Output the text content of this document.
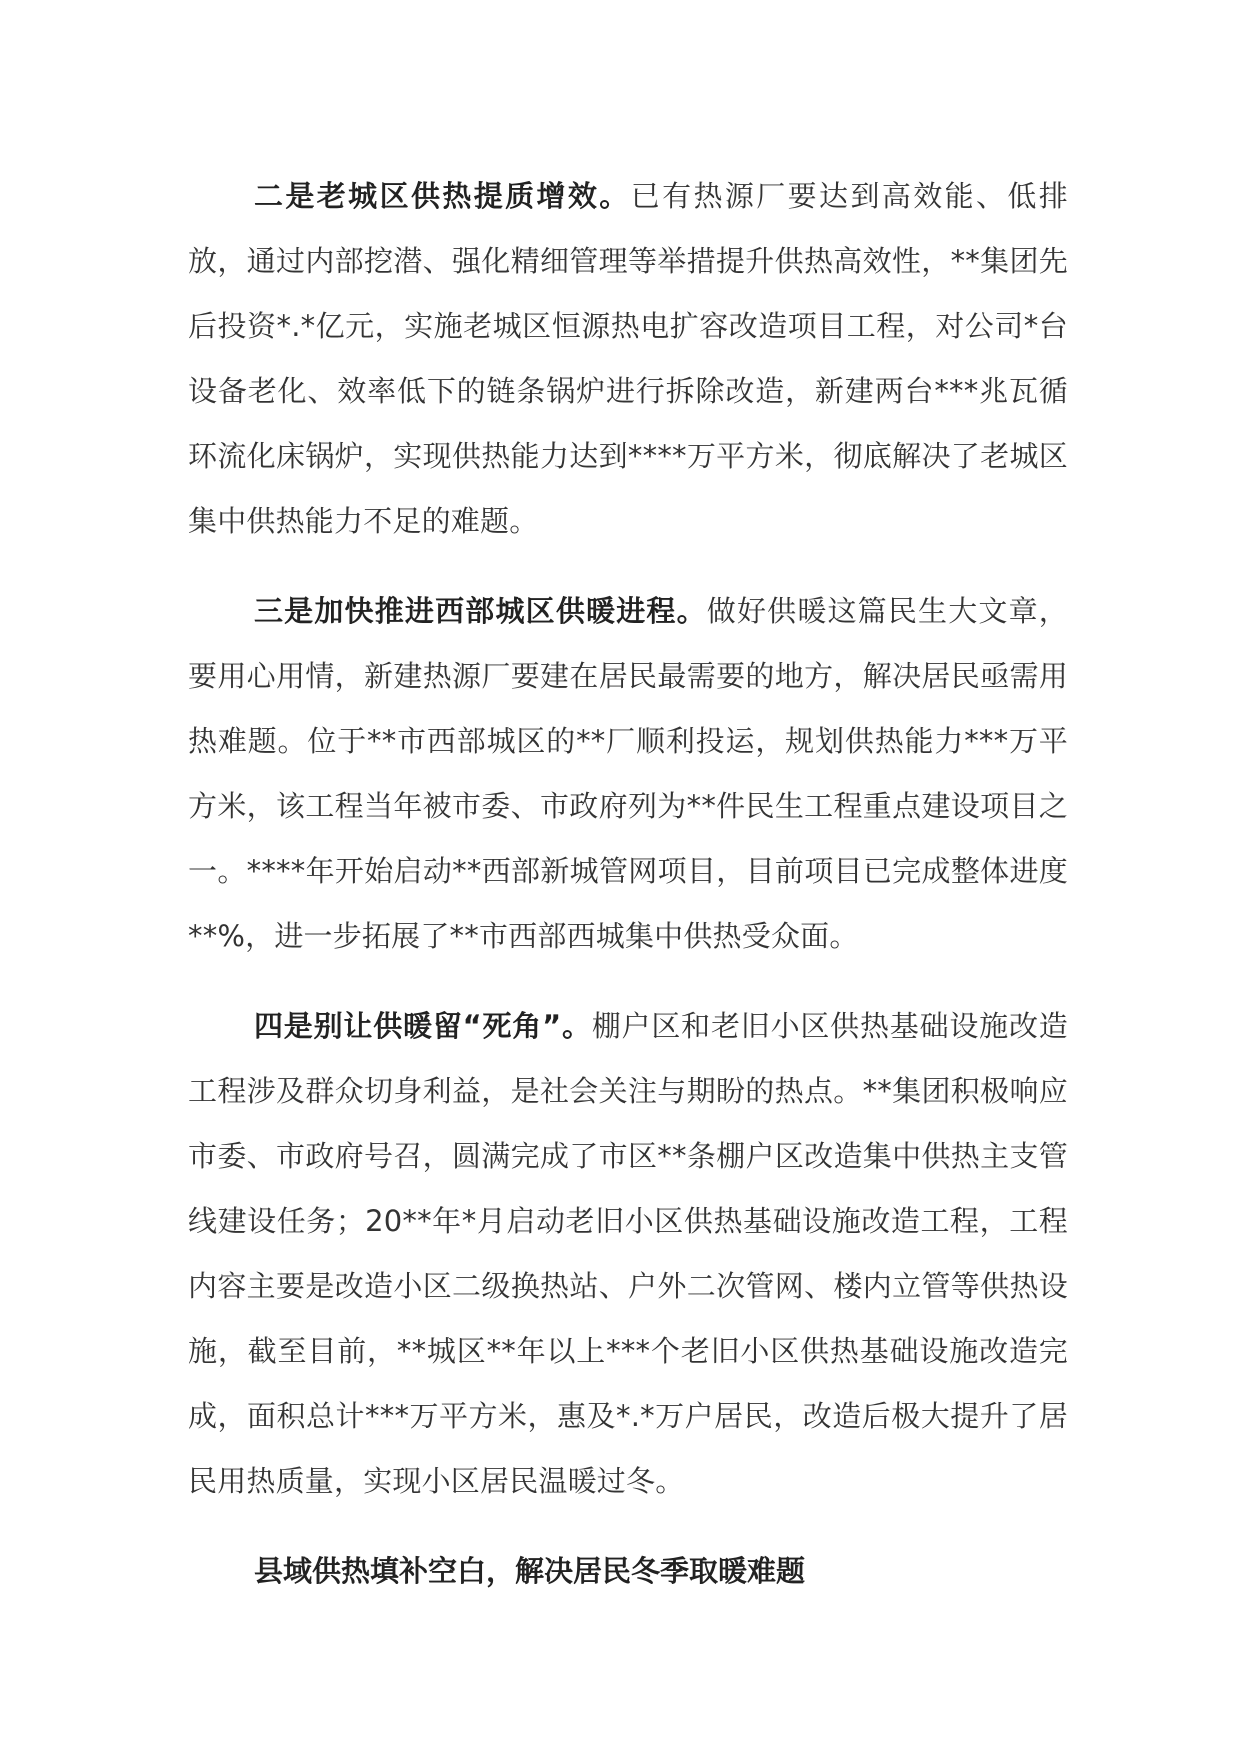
二是老城区供热提质增效。已有热源厂要达到高效能、低排放，通过内部挖潜、强化精细管理等举措提升供热高效性，**集团先后投资*.*亿元，实施老城区恒源热电扩容改造项目工程，对公司*台设备老化、效率低下的链条锅炉进行拆除改造，新建两台***兆瓦循环流化床锅炉，实现供热能力达到****万平方米，彻底解决了老城区集中供热能力不足的难题。

三是加快推进西部城区供暖进程。做好供暖这篇民生大文章，要用心用情，新建热源厂要建在居民最需要的地方，解决居民亟需用热难题。位于**市西部城区的**厂顺利投运，规划供热能力***万平方米，该工程当年被市委、市政府列为**件民生工程重点建设项目之一。****年开始启动**西部新城管网项目，目前项目已完成整体进度**%，进一步拓展了**市西部西城集中供热受众面。

四是别让供暖留“死角”。棚户区和老旧小区供热基础设施改造工程涉及群众切身利益，是社会关注与期盼的热点。**集团积极响应市委、市政府号召，圆满完成了市区**条棚户区改造集中供热主支管线建设任务；20**年*月启动老旧小区供热基础设施改造工程，工程内容主要是改造小区二级换热站、户外二次管网、楼内立管等供热设施，截至目前，**城区**年以上***个老旧小区供热基础设施改造完成，面积总计***万平方米，惠及*.*万户居民，改造后极大提升了居民用热质量，实现小区居民温暖过冬。

县域供热填补空白，解决居民冬季取暖难题
